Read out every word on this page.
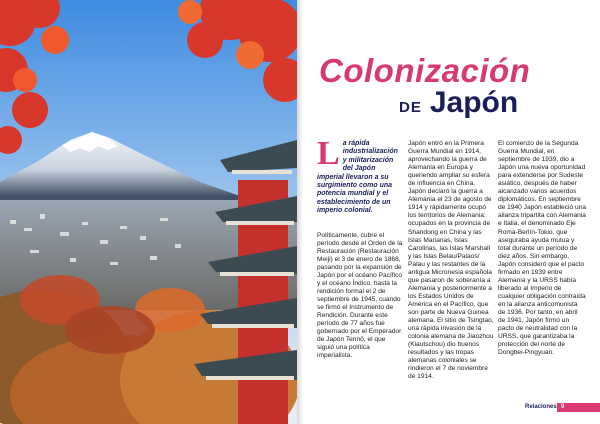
Colonización
de Japón
L a rápida industrialización y militarización del Japón imperial llevaron a su surgimiento como una potencia mundial y el establecimiento de un imperio colonial.

Políticamente, cubre el período desde el Orden de la Restauración (Restauración Meiji) el 3 de enero de 1868, pasando por la expansión de Japón por el océano Pacífico y el océano Índico, hasta la rendición formal el 2 de septiembre de 1945, cuando se firmó el Instrumento de Rendición. Durante este período de 77 años fue gobernado por el Emperador de Japón Tennō, el que siguió una política imperialista.

Japón entró en la Primera Guerra Mundial en 1914, aprovechando la guerra de Alemania en Europa y queriendo ampliar su esfera de influencia en China. Japón declaró la guerra a Alemania el 23 de agosto de 1914 y rápidamente ocupó los territorios de Alemania: ocupados en la provincia de Shandong en China y las Islas Marianas, Islas Carolinas, las Islas Marshall y las Islas Belau/Palaos/ Palau y las restantes de la antigua Micronesia española que pasaron de soberanía a Alemania y posteriormente a los Estados Unidos de América en el Pacífico, que son parte de Nueva Guinea alemana. El sitio de Tsingtao, una rápida invasión de la colonia alemana de Jiaozhou (Kiautschou) dio buenos resultados y las tropas alemanas coloniales se rindieron el 7 de noviembre de 1914.

El comienzo de la Segunda Guerra Mundial, en septiembre de 1939, dio a Japón una nueva oportunidad para extenderse por Sudeste asiático, después de haber alcanzado varios acuerdos diplomáticos. En septiembre de 1940 Japón estableció una alianza tripartita con Alemania e Italia, el denominado Eje Roma-Berlín-Tokio, que aseguraba ayuda mutua y total durante un período de diez años. Sin embargo, Japón consideró que el pacto firmado en 1939 entre Alemania y la URSS había liberado al Imperio de cualquier obligación contraída en la alianza anticomunista de 1936. Por tanto, en abril de 1941, Japón firmó un pacto de neutralidad con la URSS, que garantizaba la protección del norte de Dongbei-Pingyuan.

Relaciones 9
